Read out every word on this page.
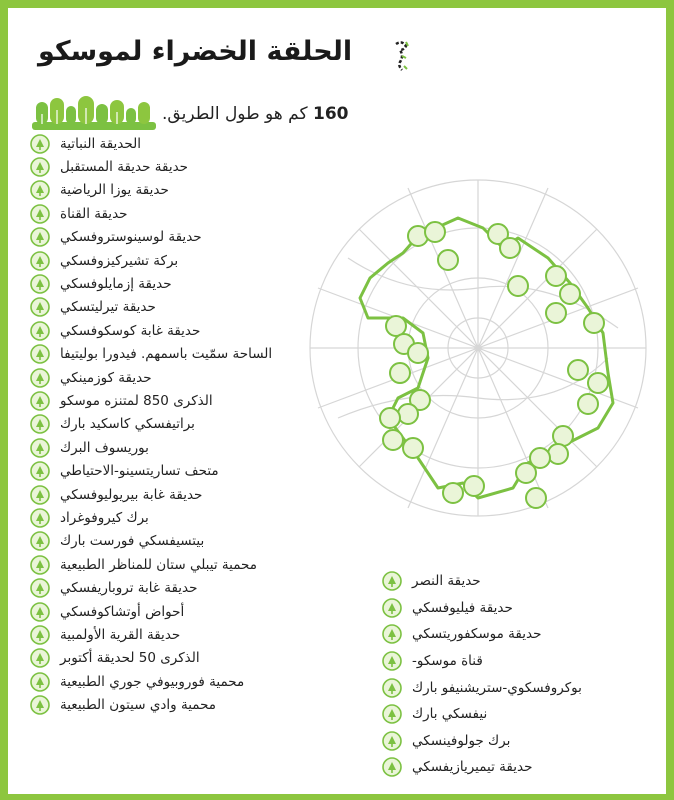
الحلقة الخضراء لموسكو
160 كم هو طول الطريق.
الحديقة النباتية
حديقة حديقة المستقبل
حديقة يوزا الرياضية
حديقة القناة
حديقة لوسينوستروفسكي
بركة تشيركيزوفسكي
حديقة إزمايلوفسكي
حديقة تيرليتسكي
حديقة غابة كوسكوفسكي
الساحة سمّيت باسمهم. فيدورا بوليتيفا
حديقة كوزمينكي
الذكرى 850 لمتنزه موسكو
براتيفسكي كاسكيد بارك
بوريسوف البرك
متحف تساريتسينو-الاحتياطي
حديقة غابة بيريوليوفسكي
برك كيروفوغراد
بيتسيفسكي فورست بارك
محمية تيبلي ستان للمناظر الطبيعية
حديقة غابة تروباريفسكي
أحواض أوتشاكوفسكي
حديقة القرية الأولمبية
الذكرى 50 لحديقة أكتوبر
محمية فوروبيوفي جوري الطبيعية
محمية وادي سيتون الطبيعية
حديقة النصر
حديقة فيليوفسكي
حديقة موسكفوريتسكي
قناة موسكو-
بوكروفسكوي-ستريشنيفو بارك
نيفسكي بارك
برك جولوفينسكي
حديقة تيميريازيفسكي
